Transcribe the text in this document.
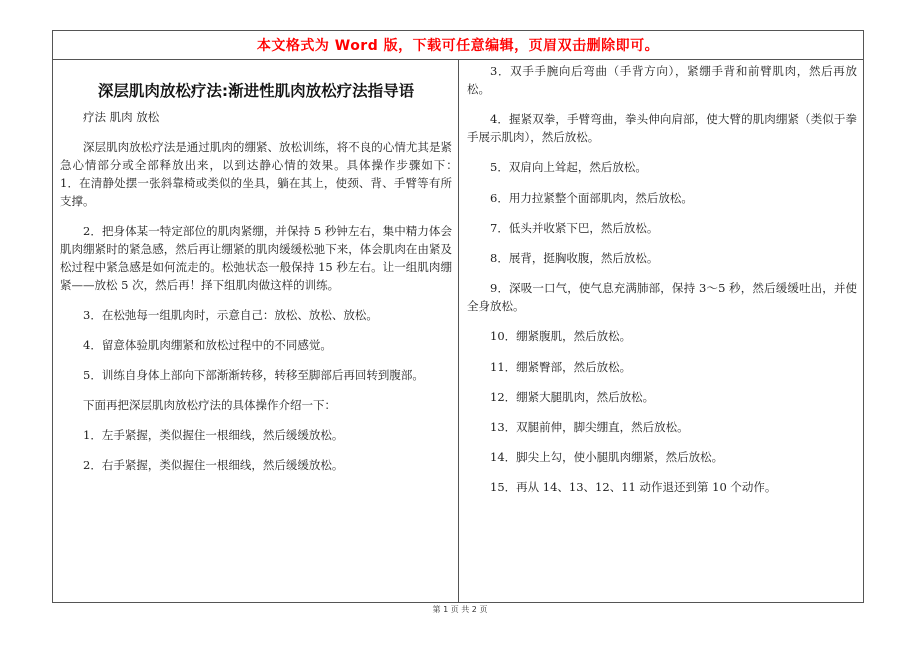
本文格式为 Word 版，下载可任意编辑，页眉双击删除即可。
深层肌肉放松疗法:渐进性肌肉放松疗法指导语
疗法 肌肉 放松

深层肌肉放松疗法是通过肌肉的绷紧、放松训练，将不良的心情尤其是紧急心情部分或全部释放出来，以到达静心情的效果。具体操作步骤如下：　　1．在清静处摆一张斜靠椅或类似的坐具，躺在其上，使颈、背、手臂等有所支撑。

2．把身体某一特定部位的肌肉紧绷，并保持 5 秒钟左右，集中精力体会肌肉绷紧时的紧急感，然后再让绷紧的肌肉缓缓松驰下来，体会肌肉在由紧及松过程中紧急感是如何流走的。松弛状态一般保持 15 秒左右。让一组肌肉绷紧——放松 5 次，然后再！择下组肌肉做这样的训练。

3．在松弛每一组肌肉时，示意自己：放松、放松、放松。

4．留意体验肌肉绷紧和放松过程中的不同感觉。

5．训练自身体上部向下部渐渐转移，转移至脚部后再回转到腹部。

下面再把深层肌肉放松疗法的具体操作介绍一下：

1．左手紧握，类似握住一根细线，然后缓缓放松。

2．右手紧握，类似握住一根细线，然后缓缓放松。

3．双手手腕向后弯曲（手背方向），紧绷手背和前臂肌肉，然后再放松。

4．握紧双拳，手臂弯曲，拳头伸向肩部，使大臂的肌肉绷紧（类似于拳手展示肌肉），然后放松。

5．双肩向上耸起，然后放松。

6．用力拉紧整个面部肌肉，然后放松。

7．低头并收紧下巴，然后放松。

8．展背，挺胸收腹，然后放松。

9．深吸一口气，使气息充满肺部，保持 3～5 秒，然后缓缓吐出，并使全身放松。

10．绷紧腹肌，然后放松。

11．绷紧臀部，然后放松。

12．绷紧大腿肌肉，然后放松。

13．双腿前伸，脚尖绷直，然后放松。

14．脚尖上勾，使小腿肌肉绷紧，然后放松。

15．再从 14、13、12、11 动作退还到第 10 个动作。

第 1 页 共 2 页
